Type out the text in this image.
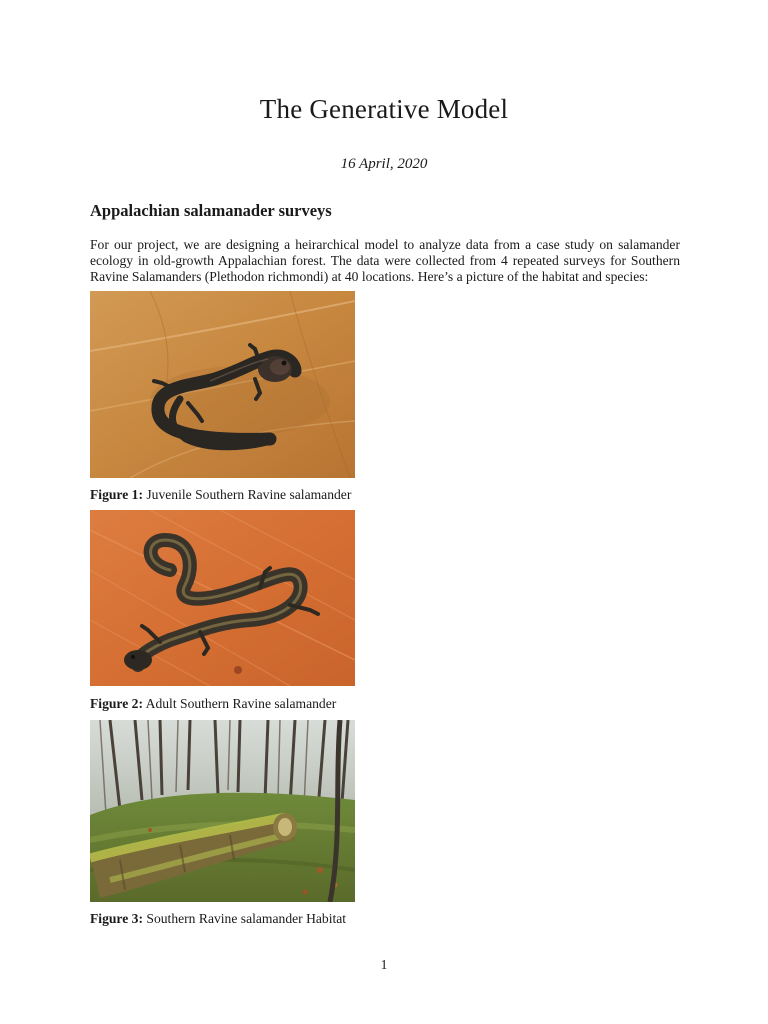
The Generative Model
16 April, 2020
Appalachian salamanader surveys

For our project, we are designing a heirarchical model to analyze data from a case study on salamander ecology in old-growth Appalachian forest. The data were collected from 4 repeated surveys for Southern Ravine Salamanders (Plethodon richmondi) at 40 locations. Here’s a picture of the habitat and species:

Figure 1: Juvenile Southern Ravine salamander
Figure 2: Adult Southern Ravine salamander
Figure 3: Southern Ravine salamander Habitat
1
